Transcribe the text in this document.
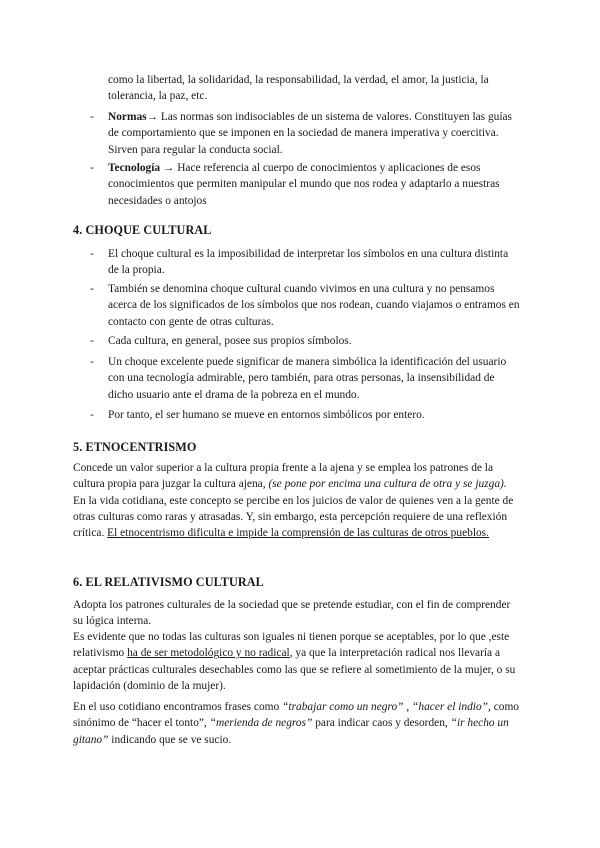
como la libertad, la solidaridad, la responsabilidad, la verdad, el amor, la justicia, la tolerancia, la paz, etc.
- Normas→ Las normas son indisociables de un sistema de valores. Constituyen las guías de comportamiento que se imponen en la sociedad de manera imperativa y coercitiva. Sirven para regular la conducta social.
- Tecnología → Hace referencia al cuerpo de conocimientos y aplicaciones de esos conocimientos que permiten manipular el mundo que nos rodea y adaptarlo a nuestras necesidades o antojos
4. CHOQUE CULTURAL
- El choque cultural es la imposibilidad de interpretar los símbolos en una cultura distinta de la propia.
- También se denomina choque cultural cuando vivimos en una cultura y no pensamos acerca de los significados de los símbolos que nos rodean, cuando viajamos o entramos en contacto con gente de otras culturas.
- Cada cultura, en general, posee sus propios símbolos.
- Un choque excelente puede significar de manera simbólica la identificación del usuario con una tecnología admirable, pero también, para otras personas, la insensibilidad de dicho usuario ante el drama de la pobreza en el mundo.
- Por tanto, el ser humano se mueve en entornos simbólicos por entero.
5. ETNOCENTRISMO

Concede un valor superior a la cultura propia frente a la ajena y se emplea los patrones de la cultura propia para juzgar la cultura ajena, (se pone por encima una cultura de otra y se juzga). En la vida cotidiana, este concepto se percibe en los juicios de valor de quienes ven a la gente de otras culturas como raras y atrasadas. Y, sin embargo, esta percepción requiere de una reflexión crítica. El etnocentrismo dificulta e impide la comprensión de las culturas de otros pueblos.

6. EL RELATIVISMO CULTURAL

Adopta los patrones culturales de la sociedad que se pretende estudiar, con el fin de comprender su lógica interna.

Es evidente que no todas las culturas son iguales ni tienen porque se aceptables, por lo que ,este relativismo ha de ser metodológico y no radical, ya que la interpretación radical nos llevaría a aceptar prácticas culturales desechables como las que se refiere al sometimiento de la mujer, o su lapidación (dominio de la mujer).

En el uso cotidiano encontramos frases como “trabajar como un negro” , “hacer el indio”, como sinónimo de “hacer el tonto”, “merienda de negros” para indicar caos y desorden, “ir hecho un gitano” indicando que se ve sucio.
